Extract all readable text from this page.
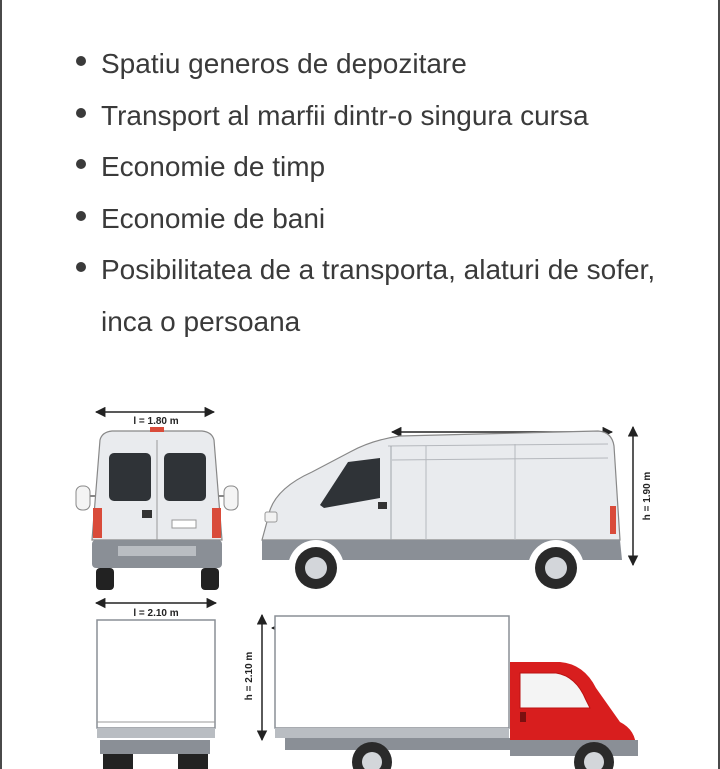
Spatiu generos de depozitare
Transport al marfii dintr-o singura cursa
Economie de timp
Economie de bani
Posibilitatea de a transporta, alaturi de sofer, inca o persoana
l = 1.80 m
h = 1.90 m
l = 2.10 m
h = 2.10 m
